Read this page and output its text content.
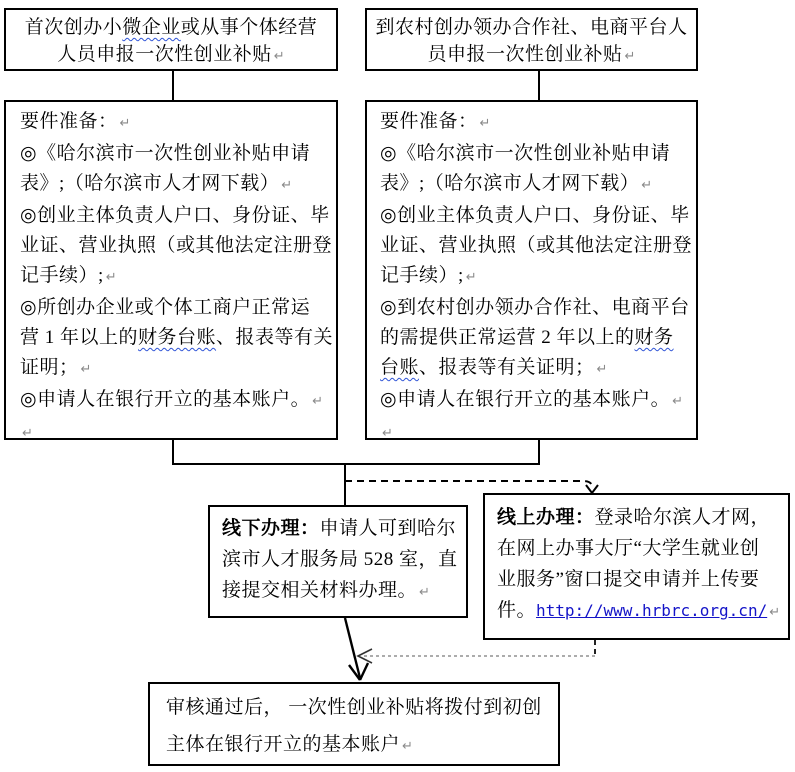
首次创办小微企业或从事个体经营
人员申报一次性创业补贴 ↵
到农村创办领办合作社、电商平台人
员申报一次性创业补贴 ↵
要件准备： ↵
◎《哈尔滨市一次性创业补贴申请
表》;（哈尔滨市人才网下载） ↵
◎创业主体负责人户口、身份证、毕
业证、营业执照（或其他法定注册登
记手续）; ↵
◎所创办企业或个体工商户正常运
营 1 年以上的财务台账、报表等有关
证明； ↵
◎申请人在银行开立的基本账户。 ↵
↵
要件准备： ↵
◎《哈尔滨市一次性创业补贴申请
表》;（哈尔滨市人才网下载） ↵
◎创业主体负责人户口、身份证、毕
业证、营业执照（或其他法定注册登
记手续）; ↵
◎到农村创办领办合作社、电商平台
的需提供正常运营 2 年以上的财务
台账、报表等有关证明； ↵
◎申请人在银行开立的基本账户。 ↵
↵
线下办理：申请人可到哈尔
滨市人才服务局 528 室，直
接提交相关材料办理。 ↵
线上办理：登录哈尔滨人才网，
在网上办事大厅“大学生就业创
业服务”窗口提交申请并上传要
件。http://www.hrbrc.org.cn/ ↵
审核通过后， 一次性创业补贴将拨付到初创
主体在银行开立的基本账户 ↵
